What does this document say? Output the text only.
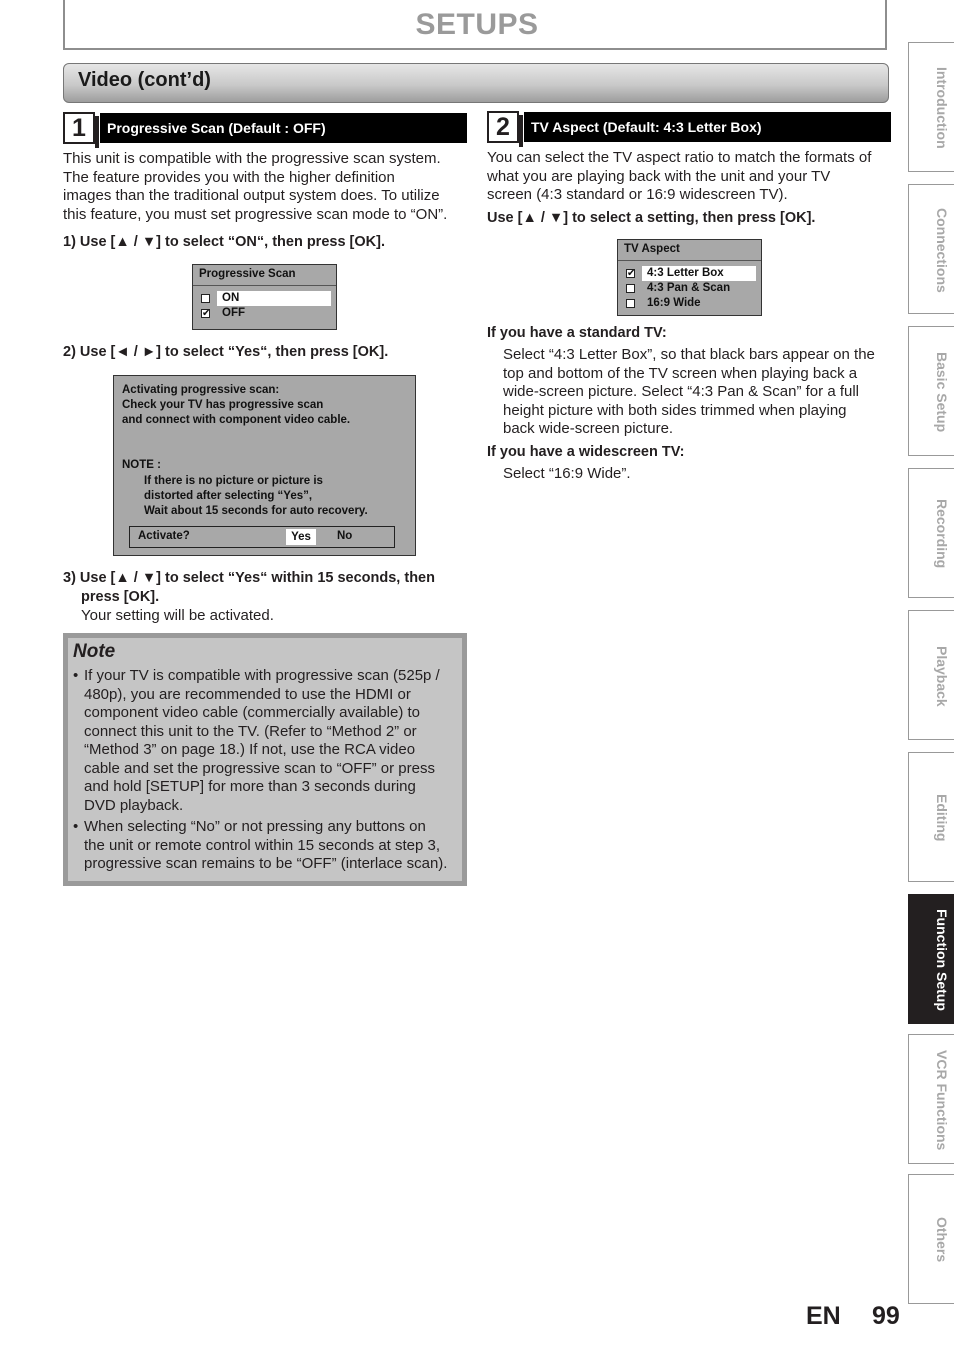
SETUPS
Video (cont’d)
1	Progressive Scan (Default : OFF)
This unit is compatible with the progressive scan system.
The feature provides you with the higher definition
images than the traditional output system does. To utilize
this feature, you must set progressive scan mode to “ON”.
1) Use [▲ / ▼] to select “ON“, then press [OK].
Progressive Scan
ON
✔ OFF
2) Use [◄ / ►] to select “Yes“, then press [OK].
Activating progressive scan:
Check your TV has progressive scan
and connect with component video cable.
NOTE :
If there is no picture or picture is
distorted after selecting “Yes”,
Wait about 15 seconds for auto recovery.
Activate?	Yes	No
3) Use [▲ / ▼] to select “Yes“ within 15 seconds, then
press [OK].
Your setting will be activated.
Note
• If your TV is compatible with progressive scan (525p /
480p), you are recommended to use the HDMI or
component video cable (commercially available) to
connect this unit to the TV. (Refer to “Method 2” or
“Method 3” on page 18.) If not, use the RCA video
cable and set the progressive scan to “OFF” or press
and hold [SETUP] for more than 3 seconds during
DVD playback.
• When selecting “No” or not pressing any buttons on
the unit or remote control within 15 seconds at step 3,
progressive scan remains to be “OFF” (interlace scan).
2	TV Aspect (Default: 4:3 Letter Box)
You can select the TV aspect ratio to match the formats of
what you are playing back with the unit and your TV
screen (4:3 standard or 16:9 widescreen TV).
Use [▲ / ▼] to select a setting, then press [OK].
TV Aspect
✔	4:3 Letter Box
4:3 Pan & Scan
16:9 Wide
If you have a standard TV:
Select “4:3 Letter Box”, so that black bars appear on the
top and bottom of the TV screen when playing back a
wide-screen picture. Select “4:3 Pan & Scan” for a full
height picture with both sides trimmed when playing
back wide-screen picture.
If you have a widescreen TV:
Select “16:9 Wide”.
Introduction
Connections
Basic Setup
Recording
Playback
Editing
Function Setup
VCR Functions
Others
EN 99
